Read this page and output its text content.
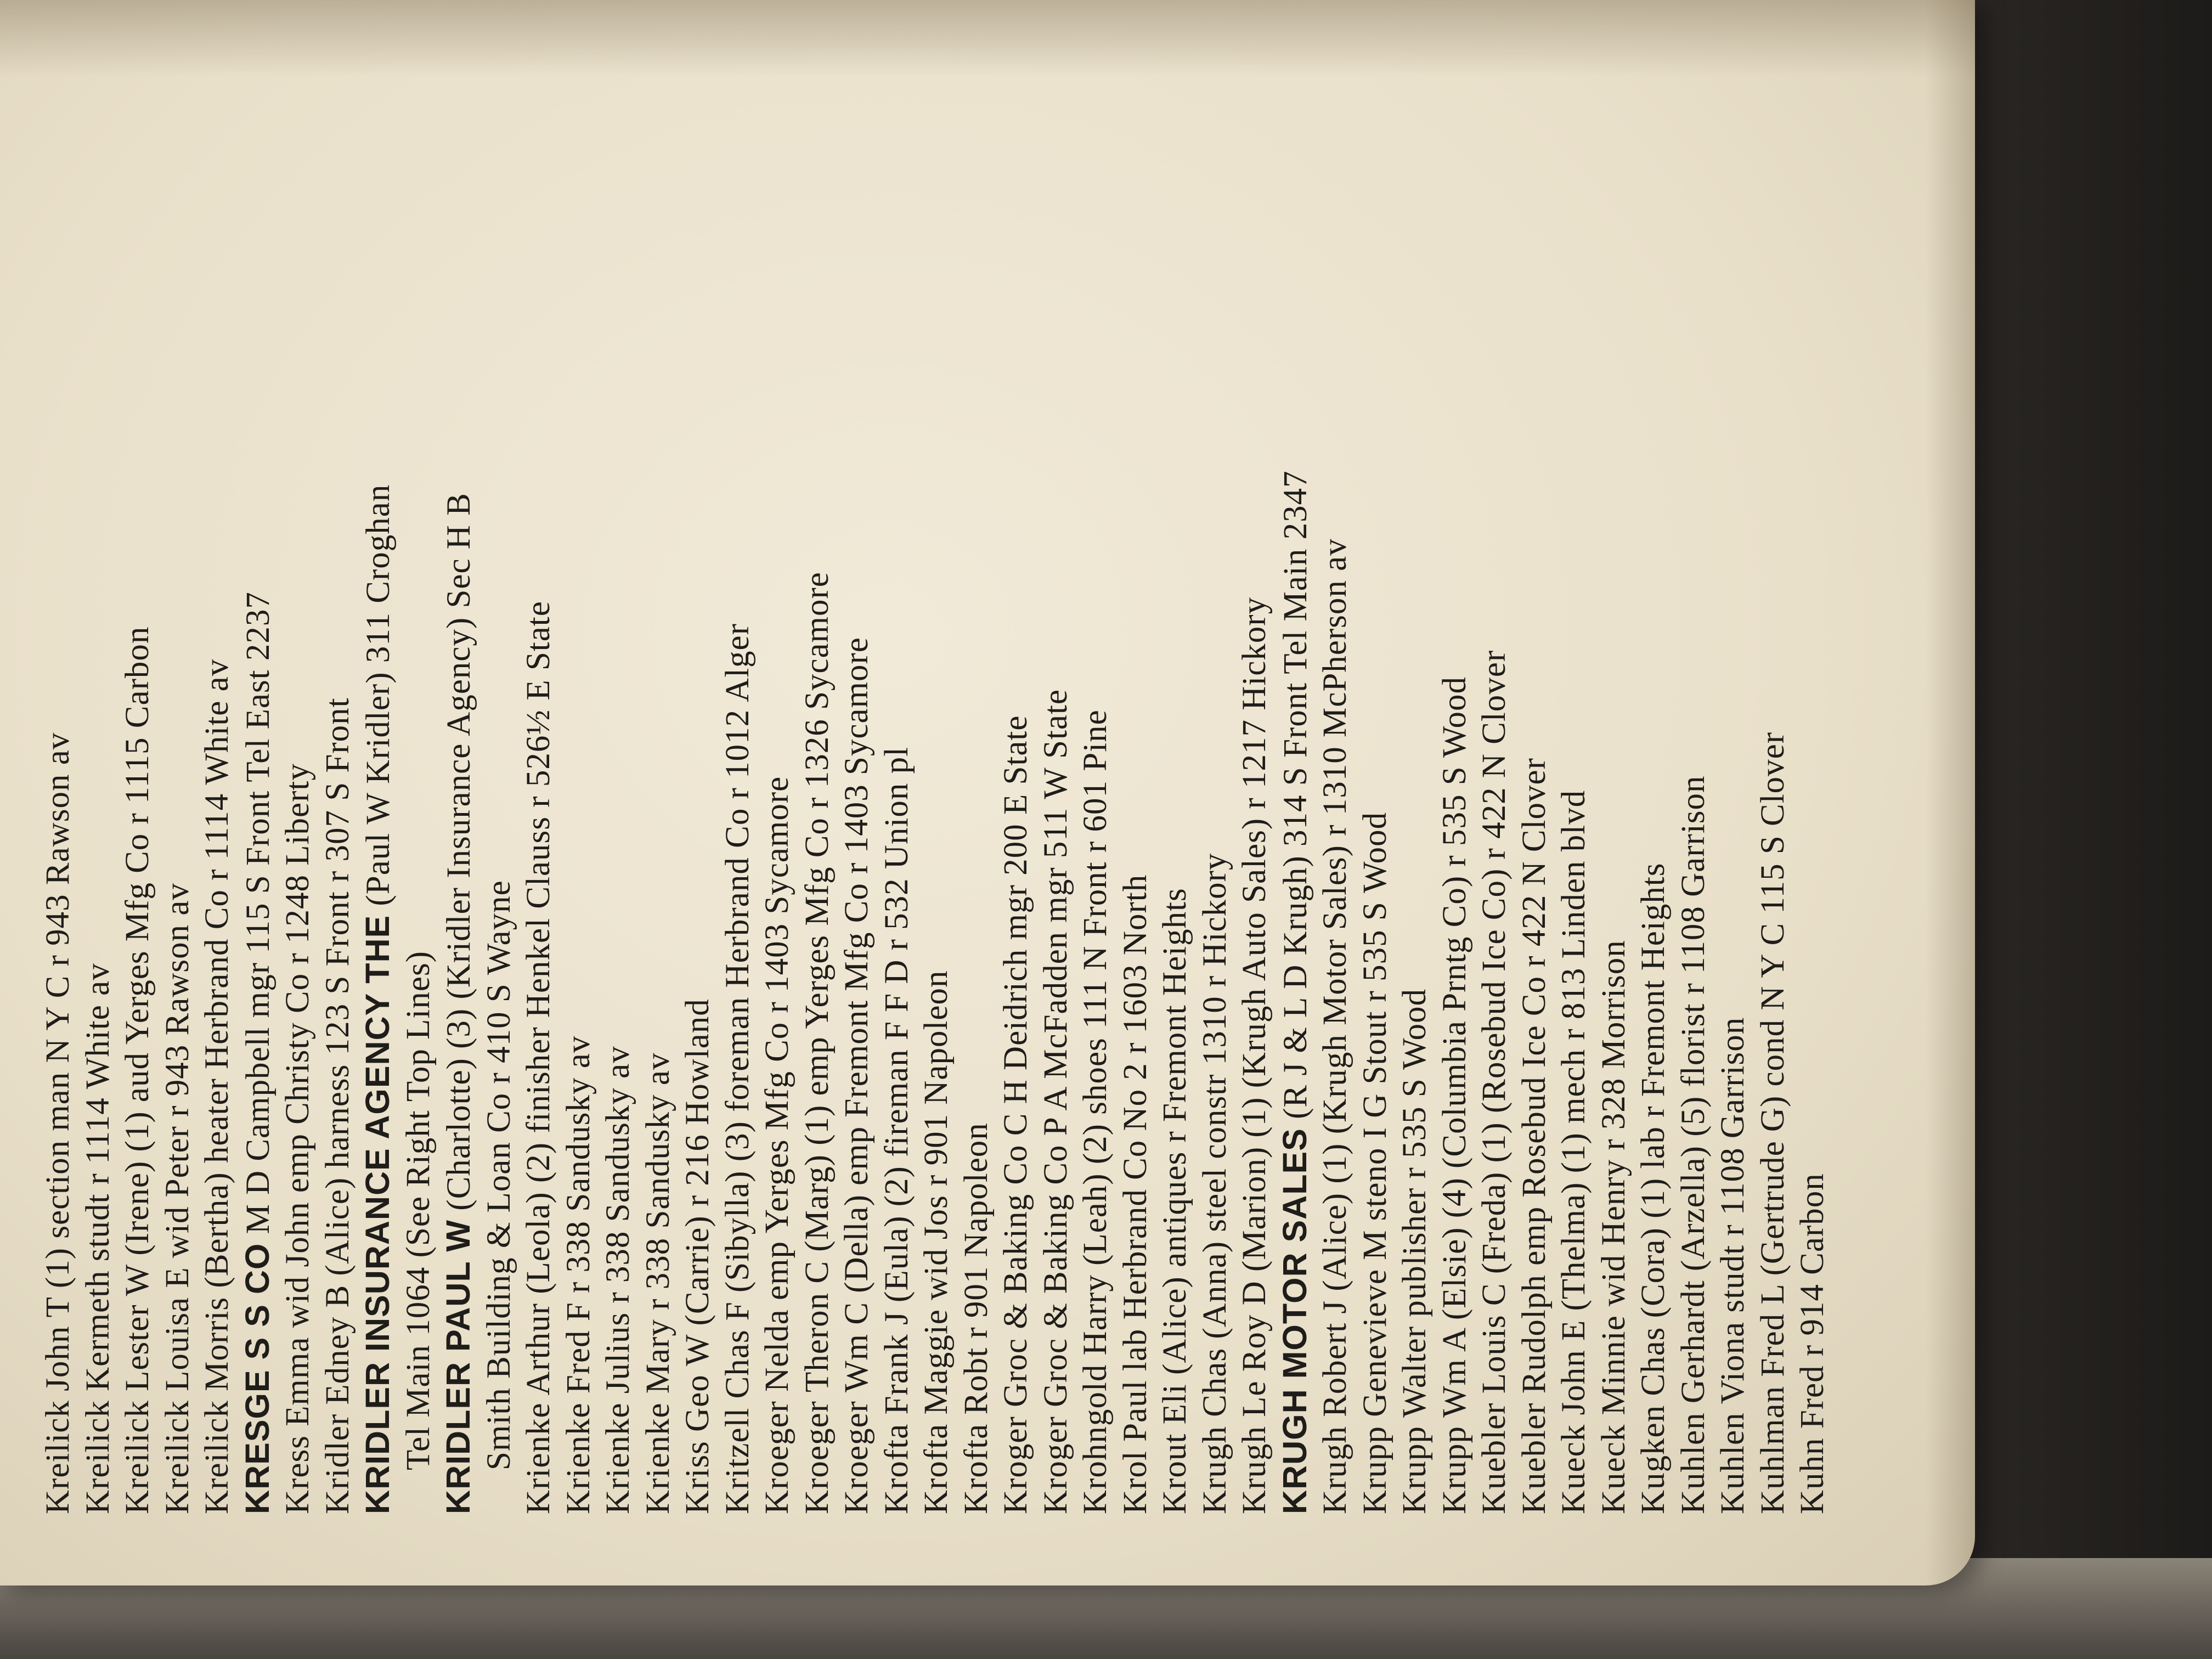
Kreilick John T (1) section man N Y C r 943 Rawson av Kreilick Kermeth studt r 1114 White av Kreilick Lester W (Irene) (1) aud Yerges Mfg Co r 1115 Carbon Kreilick Louisa E wid Peter r 943 Rawson av Kreilick Morris (Bertha) heater Herbrand Co r 1114 White av KRESGE S S CO M D Campbell mgr 115 S Front Tel East 2237 Kress Emma wid John emp Christy Co r 1248 Liberty Kridler Edney B (Alice) harness 123 S Front r 307 S Front KRIDLER INSURANCE AGENCY THE (Paul W Kridler) 311 Croghan
Tel Main 1064 (See Right Top Lines) KRIDLER PAUL W (Charlotte) (3) (Kridler Insurance Agency) Sec H B Smith Building & Loan Co r 410 S Wayne Krienke Arthur (Leola) (2) finisher Henkel Clauss r 526½ E State Krienke Fred F r 338 Sandusky av Krienke Julius r 338 Sandusky av Krienke Mary r 338 Sandusky av Kriss Geo W (Carrie) r 216 Howland Kritzell Chas F (Sibylla) (3) foreman Herbrand Co r 1012 Alger Kroeger Nelda emp Yerges Mfg Co r 1403 Sycamore Kroeger Theron C (Marg) (1) emp Yerges Mfg Co r 1326 Sycamore Kroeger Wm C (Della) emp Fremont Mfg Co r 1403 Sycamore Krofta Frank J (Eula) (2) fireman F F D r 532 Union pl Krofta Maggie wid Jos r 901 Napoleon Krofta Robt r 901 Napoleon Kroger Groc & Baking Co C H Deidrich mgr 200 E State Kroger Groc & Baking Co P A McFadden mgr 511 W State Krohngold Harry (Leah) (2) shoes 111 N Front r 601 Pine Krol Paul lab Herbrand Co No 2 r 1603 North Krout Eli (Alice) antiques r Fremont Heights Krugh Chas (Anna) steel constr 1310 r Hickory Krugh Le Roy D (Marion) (1) (Krugh Auto Sales) r 1217 Hickory KRUGH MOTOR SALES (R J & L D Krugh) 314 S Front Tel Main 2347 Krugh Robert J (Alice) (1) (Krugh Motor Sales) r 1310 McPherson av Krupp Genevieve M steno I G Stout r 535 S Wood Krupp Walter publisher r 535 S Wood Krupp Wm A (Elsie) (4) (Columbia Prntg Co) r 535 S Wood Kuebler Louis C (Freda) (1) (Rosebud Ice Co) r 422 N Clover Kuebler Rudolph emp Rosebud Ice Co r 422 N Clover Kueck John E (Thelma) (1) mech r 813 Linden blvd Kueck Minnie wid Henry r 328 Morrison Kugken Chas (Cora) (1) lab r Fremont Heights Kuhlen Gerhardt (Arzella) (5) florist r 1108 Garrison Kuhlen Viona studt r 1108 Garrison Kuhlman Fred L (Gertrude G) cond N Y C 115 S Clover Kuhn Fred r 914 Carbon
